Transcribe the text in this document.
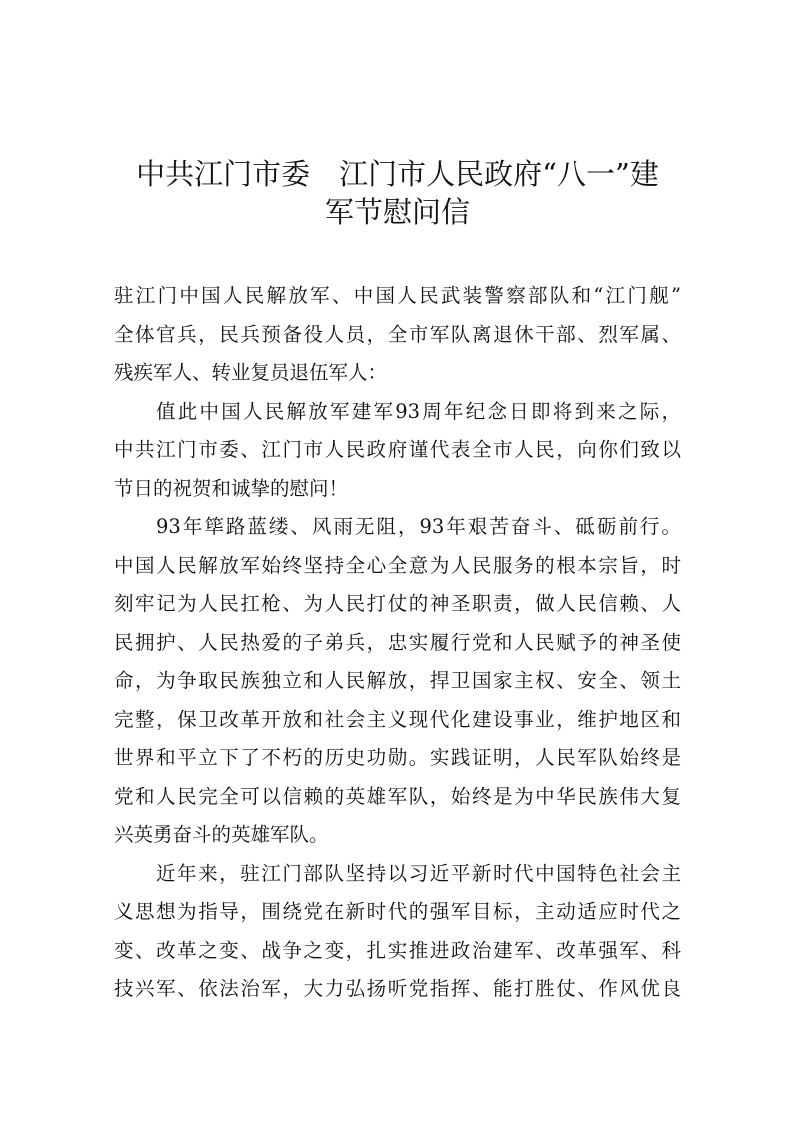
中共江门市委　江门市人民政府“八一”建
军节慰问信
驻江门中国人民解放军、中国人民武装警察部队和“江门舰”
全体官兵，民兵预备役人员，全市军队离退休干部、烈军属、
残疾军人、转业复员退伍军人：
值此中国人民解放军建军93周年纪念日即将到来之际，
中共江门市委、江门市人民政府谨代表全市人民，向你们致以
节日的祝贺和诚挚的慰问！
93年筚路蓝缕、风雨无阻，93年艰苦奋斗、砥砺前行。
中国人民解放军始终坚持全心全意为人民服务的根本宗旨，时
刻牢记为人民扛枪、为人民打仗的神圣职责，做人民信赖、人
民拥护、人民热爱的子弟兵，忠实履行党和人民赋予的神圣使
命，为争取民族独立和人民解放，捍卫国家主权、安全、领土
完整，保卫改革开放和社会主义现代化建设事业，维护地区和
世界和平立下了不朽的历史功勋。实践证明，人民军队始终是
党和人民完全可以信赖的英雄军队，始终是为中华民族伟大复
兴英勇奋斗的英雄军队。
近年来，驻江门部队坚持以习近平新时代中国特色社会主
义思想为指导，围绕党在新时代的强军目标，主动适应时代之
变、改革之变、战争之变，扎实推进政治建军、改革强军、科
技兴军、依法治军，大力弘扬听党指挥、能打胜仗、作风优良
